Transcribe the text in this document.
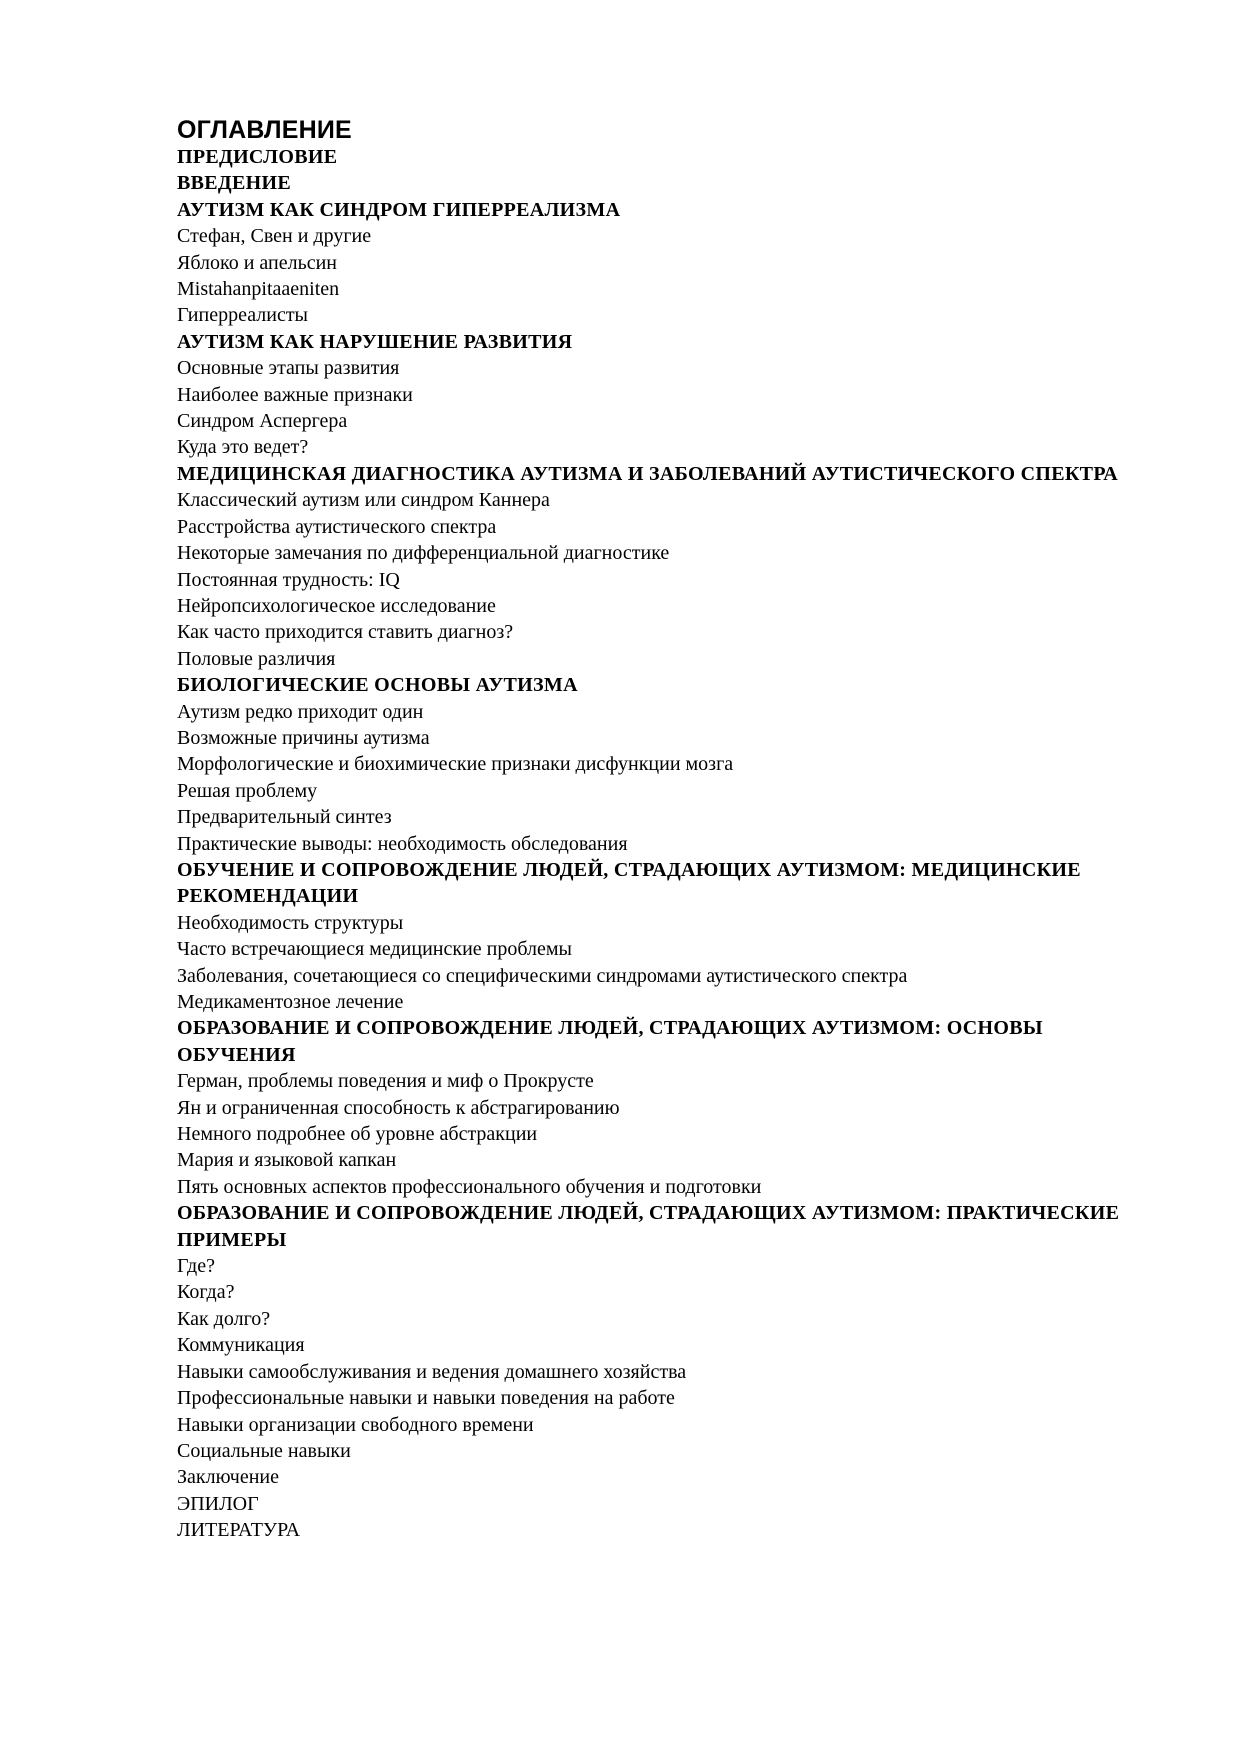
ОГЛАВЛЕНИЕ
ПРЕДИСЛОВИЕ
ВВЕДЕНИЕ
АУТИЗМ КАК СИНДРОМ ГИПЕРРЕАЛИЗМА
Стефан, Свен и другие
Яблоко и апельсин
Mistahanpitaaeniten
Гиперреалисты
АУТИЗМ КАК НАРУШЕНИЕ РАЗВИТИЯ
Основные этапы развития
Наиболее важные признаки
Синдром Аспергера
Куда это ведет?
МЕДИЦИНСКАЯ ДИАГНОСТИКА АУТИЗМА И ЗАБОЛЕВАНИЙ АУТИСТИЧЕСКОГО СПЕКТРА
Классический аутизм или синдром Каннера
Расстройства аутистического спектра
Некоторые замечания по дифференциальной диагностике
Постоянная трудность: IQ
Нейропсихологическое исследование
Как часто приходится ставить диагноз?
Половые различия
БИОЛОГИЧЕСКИЕ ОСНОВЫ АУТИЗМА
Аутизм редко приходит один
Возможные причины аутизма
Морфологические и биохимические признаки дисфункции мозга
Решая проблему
Предварительный синтез
Практические выводы: необходимость обследования
ОБУЧЕНИЕ И СОПРОВОЖДЕНИЕ ЛЮДЕЙ, СТРАДАЮЩИХ АУТИЗМОМ: МЕДИЦИНСКИЕ РЕКОМЕНДАЦИИ
Необходимость структуры
Часто встречающиеся медицинские проблемы
Заболевания, сочетающиеся со специфическими синдромами аутистического спектра
Медикаментозное лечение
ОБРАЗОВАНИЕ И СОПРОВОЖДЕНИЕ ЛЮДЕЙ, СТРАДАЮЩИХ АУТИЗМОМ: ОСНОВЫ ОБУЧЕНИЯ
Герман, проблемы поведения и миф о Прокрусте
Ян и ограниченная способность к абстрагированию
Немного подробнее об уровне абстракции
Мария и языковой капкан
Пять основных аспектов профессионального обучения и подготовки
ОБРАЗОВАНИЕ И СОПРОВОЖДЕНИЕ ЛЮДЕЙ, СТРАДАЮЩИХ АУТИЗМОМ: ПРАКТИЧЕСКИЕ ПРИМЕРЫ
Где?
Когда?
Как долго?
Коммуникация
Навыки самообслуживания и ведения домашнего хозяйства
Профессиональные навыки и навыки поведения на работе
Навыки организации свободного времени
Социальные навыки
Заключение
ЭПИЛОГ
ЛИТЕРАТУРА
